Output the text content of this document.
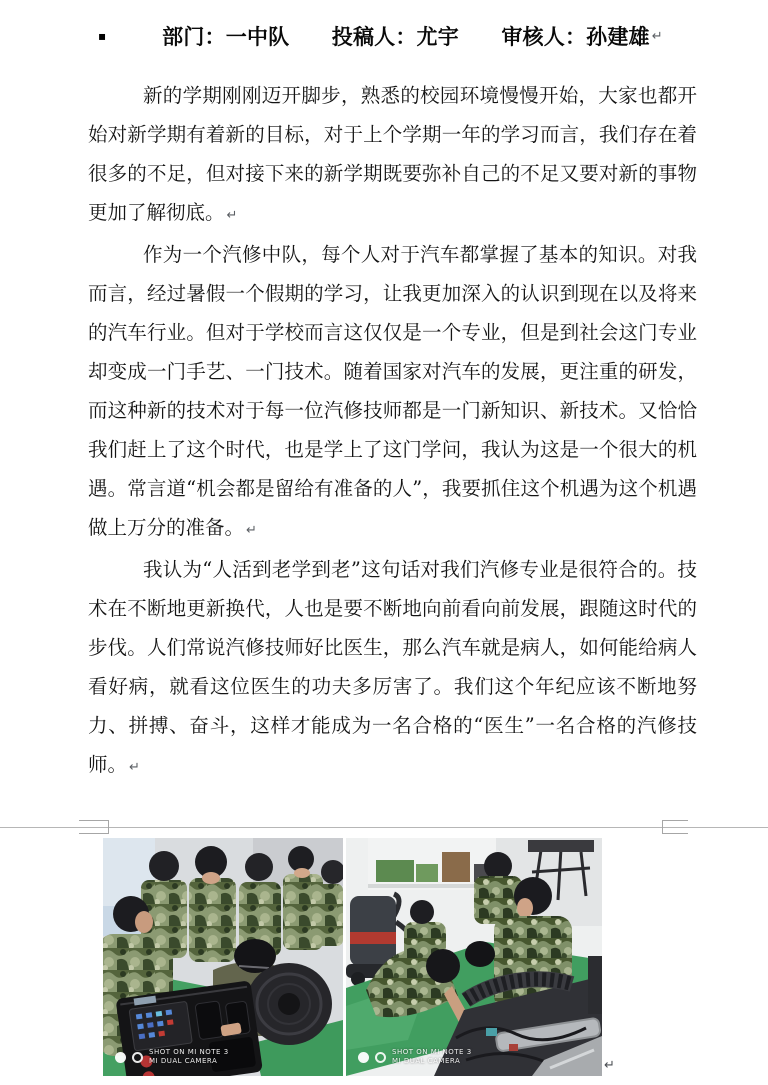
▪	部门：一中队　　投稿人：尤宇　　审核人：孙建雄 ↵

新的学期刚刚迈开脚步，熟悉的校园环境慢慢开始，大家也都开始对新学期有着新的目标，对于上个学期一年的学习而言，我们存在着很多的不足，但对接下来的新学期既要弥补自己的不足又要对新的事物更加了解彻底。 ↵

作为一个汽修中队，每个人对于汽车都掌握了基本的知识。对我而言，经过暑假一个假期的学习，让我更加深入的认识到现在以及将来的汽车行业。但对于学校而言这仅仅是一个专业，但是到社会这门专业却变成一门手艺、一门技术。随着国家对汽车的发展，更注重的研发，而这种新的技术对于每一位汽修技师都是一门新知识、新技术。又恰恰我们赶上了这个时代，也是学上了这门学问，我认为这是一个很大的机遇。常言道“机会都是留给有准备的人”，我要抓住这个机遇为这个机遇做上万分的准备。 ↵

我认为“人活到老学到老”这句话对我们汽修专业是很符合的。技术在不断地更新换代，人也是要不断地向前看向前发展，跟随这时代的步伐。人们常说汽修技师好比医生，那么汽车就是病人，如何能给病人看好病，就看这位医生的功夫多厉害了。我们这个年纪应该不断地努力、拼搏、奋斗，这样才能成为一名合格的“医生”一名合格的汽修技师。 ↵

SHOT ON MI NOTE 3
MI DUAL CAMERA
SHOT ON MI NOTE 3
MI DUAL CAMERA	↵
